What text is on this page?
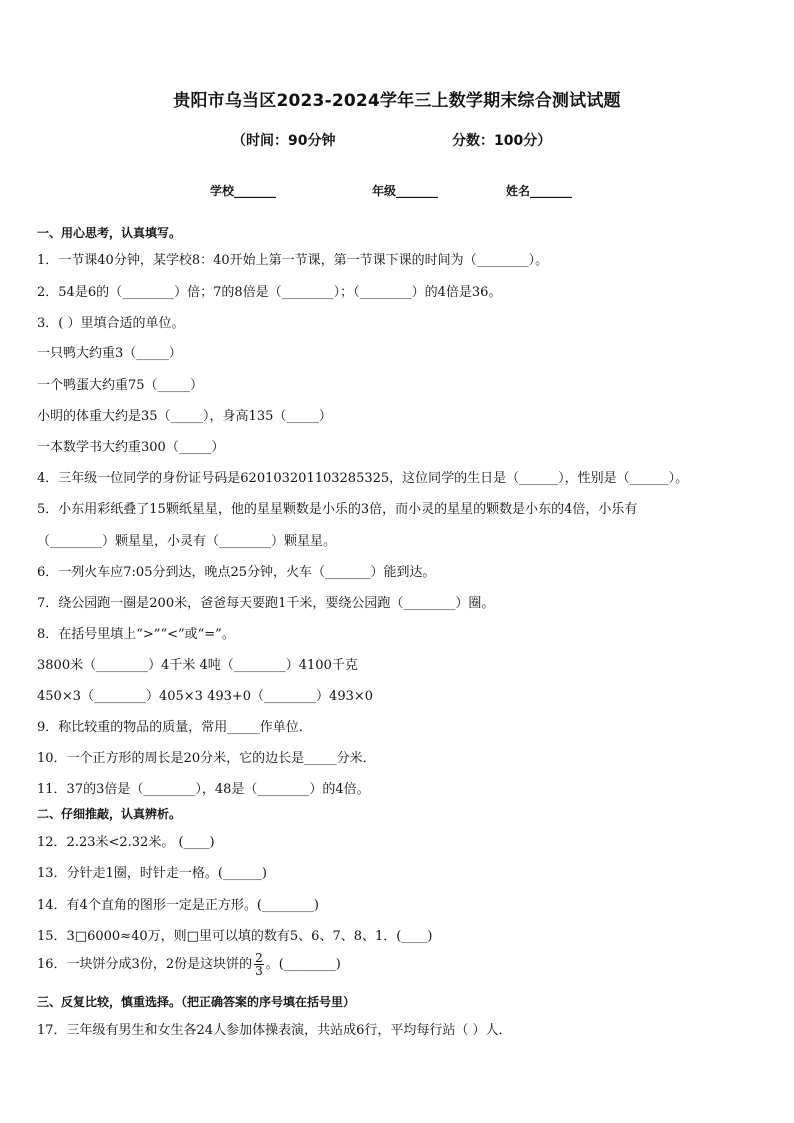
贵阳市乌当区2023-2024学年三上数学期末综合测试试题
（时间：90分钟	分数：100分）
学校_______	年级_______	姓名_______
一、用心思考，认真填写。
1．一节课40分钟，某学校8：40开始上第一节课，第一节课下课的时间为（________）。
2．54是6的（________）倍；7的8倍是（________）；（________）的4倍是36。
3．( ）里填合适的单位。
一只鸭大约重3（_____）
一个鸭蛋大约重75（_____）
小明的体重大约是35（_____），身高135（_____）
一本数学书大约重300（_____）
4．三年级一位同学的身份证号码是620103201103285325，这位同学的生日是（______），性别是（______）。
5．小东用彩纸叠了15颗纸星星，他的星星颗数是小乐的3倍，而小灵的星星的颗数是小东的4倍，小乐有
（________）颗星星，小灵有（________）颗星星。
6．一列火车应7:05分到达，晚点25分钟，火车（_______）能到达。
7．绕公园跑一圈是200米，爸爸每天要跑1千米，要绕公园跑（________）圈。
8．在括号里填上“>”“<”或“=”。
3800米（________）4千米 4吨（________）4100千克
450×3（________）405×3 493+0（________）493×0
9．称比较重的物品的质量，常用_____作单位．
10．一个正方形的周长是20分米，它的边长是_____分米．
11．37的3倍是（________），48是（________）的4倍。
二、仔细推敲，认真辨析。
12．2.23米<2.32米。 (____)
13．分针走1圈，时针走一格。(______)
14．有4个直角的图形一定是正方形。(________)
15．3□6000≈40万，则□里可以填的数有5、6、7、8、1．(____)
16．一块饼分成3份，2份是这块饼的 $\frac{2}{3}$ 。(________)
三、反复比较，慎重选择。（把正确答案的序号填在括号里）
17．三年级有男生和女生各24人参加体操表演，共站成6行，平均每行站（ ）人．
